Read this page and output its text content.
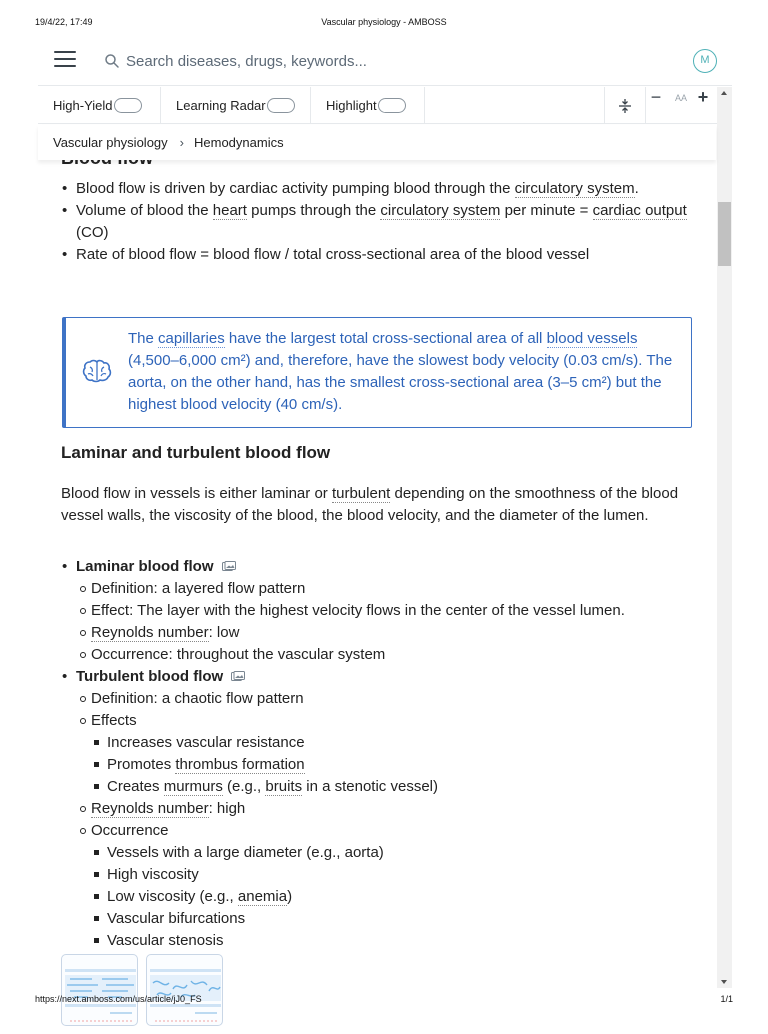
19/4/22, 17:49	Vascular physiology - AMBOSS
Search diseases, drugs, keywords...
M
High-Yield	Learning Radar	Highlight	−	AA +
Vascular physiology › Hemodynamics
• Blood flow is driven by cardiac activity pumping blood through the circulatory system.
• Volume of blood the heart pumps through the circulatory system per minute = cardiac output (CO)
• Rate of blood flow = blood flow / total cross-sectional area of the blood vessel
The capillaries have the largest total cross-sectional area of all blood vessels (4,500–6,000 cm²) and, therefore, have the slowest body velocity (0.03 cm/s). The aorta, on the other hand, has the smallest cross-sectional area (3–5 cm²) but the highest blood velocity (40 cm/s).
Laminar and turbulent blood flow
Blood flow in vessels is either laminar or turbulent depending on the smoothness of the blood vessel walls, the viscosity of the blood, the blood velocity, and the diameter of the lumen.
• Laminar blood flow
Definition: a layered flow pattern
Effect: The layer with the highest velocity flows in the center of the vessel lumen.
Reynolds number: low
Occurrence: throughout the vascular system
• Turbulent blood flow
Definition: a chaotic flow pattern
Effects
Increases vascular resistance
Promotes thrombus formation
Creates murmurs (e.g., bruits in a stenotic vessel)
Reynolds number: high
Occurrence
Vessels with a large diameter (e.g., aorta)
High viscosity
Low viscosity (e.g., anemia)
Vascular bifurcations
Vascular stenosis
https://next.amboss.com/us/article/jJ0_FS	1/1
